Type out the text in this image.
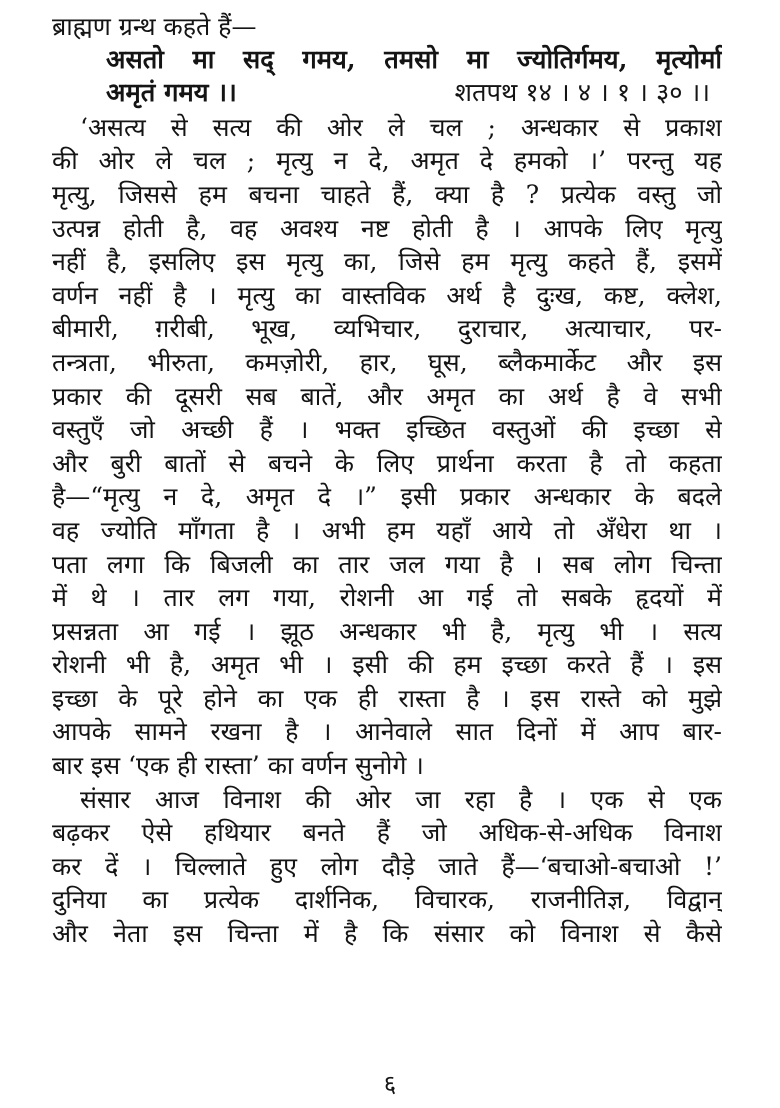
ब्राह्मण ग्रन्थ कहते हैं—
असतो मा सद् गमय, तमसो मा ज्योतिर्गमय, मृत्योर्मा
अमृतं गमय ।।	शतपथ १४ । ४ । १ । ३० ।।
‘असत्य से सत्य की ओर ले चल ; अन्धकार से प्रकाश
की ओर ले चल ; मृत्यु न दे, अमृत दे हमको ।’ परन्तु यह
मृत्यु, जिससे हम बचना चाहते हैं, क्या है ? प्रत्येक वस्तु जो
उत्पन्न होती है, वह अवश्य नष्ट होती है । आपके लिए मृत्यु
नहीं है, इसलिए इस मृत्यु का, जिसे हम मृत्यु कहते हैं, इसमें
वर्णन नहीं है । मृत्यु का वास्तविक अर्थ है दुःख, कष्ट, क्लेश,
बीमारी, ग़रीबी, भूख, व्यभिचार, दुराचार, अत्याचार, पर-
तन्त्रता, भीरुता, कमज़ोरी, हार, घूस, ब्लैकमार्केट और इस
प्रकार की दूसरी सब बातें, और अमृत का अर्थ है वे सभी
वस्तुएँ जो अच्छी हैं । भक्त इच्छित वस्तुओं की इच्छा से
और बुरी बातों से बचने के लिए प्रार्थना करता है तो कहता
है—“मृत्यु न दे, अमृत दे ।” इसी प्रकार अन्धकार के बदले
वह ज्योति माँगता है । अभी हम यहाँ आये तो अँधेरा था ।
पता लगा कि बिजली का तार जल गया है । सब लोग चिन्ता
में थे । तार लग गया, रोशनी आ गई तो सबके हृदयों में
प्रसन्नता आ गई । झूठ अन्धकार भी है, मृत्यु भी । सत्य
रोशनी भी है, अमृत भी । इसी की हम इच्छा करते हैं । इस
इच्छा के पूरे होने का एक ही रास्ता है । इस रास्ते को मुझे
आपके सामने रखना है । आनेवाले सात दिनों में आप बार-
बार इस ‘एक ही रास्ता’ का वर्णन सुनोगे ।
संसार आज विनाश की ओर जा रहा है । एक से एक
बढ़कर ऐसे हथियार बनते हैं जो अधिक-से-अधिक विनाश
कर दें । चिल्लाते हुए लोग दौड़े जाते हैं—‘बचाओ-बचाओ !’
दुनिया का प्रत्येक दार्शनिक, विचारक, राजनीतिज्ञ, विद्वान्
और नेता इस चिन्ता में है कि संसार को विनाश से कैसे
६
